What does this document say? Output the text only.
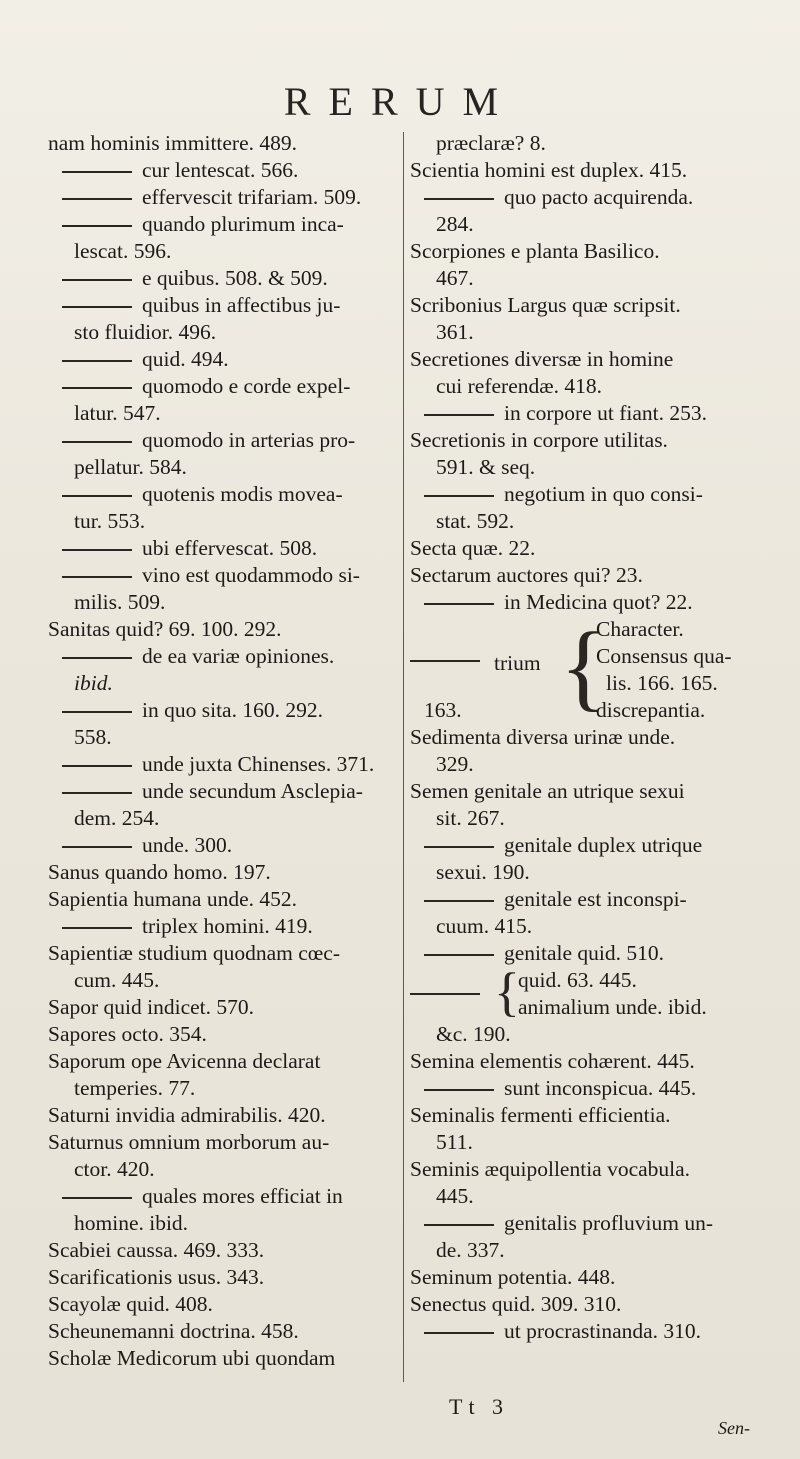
RERUM
nam hominis immittere. 489.
cur lentescat. 566.
effervescit trifariam. 509.
quando plurimum inca-
lescat. 596.
e quibus. 508. & 509.
quibus in affectibus ju-
sto fluidior. 496.
quid. 494.
quomodo e corde expel-
latur. 547.
quomodo in arterias pro-
pellatur. 584.
quotenis modis movea-
tur. 553.
ubi effervescat. 508.
vino est quodammodo si-
milis. 509.
Sanitas quid? 69. 100. 292.
de ea variæ opiniones.
ibid.
in quo sita. 160. 292.
558.
unde juxta Chinenses. 371.
unde secundum Asclepia-
dem. 254.
unde. 300.
Sanus quando homo. 197.
Sapientia humana unde. 452.
triplex homini. 419.
Sapientiæ studium quodnam cœc-
cum. 445.
Sapor quid indicet. 570.
Sapores octo. 354.
Saporum ope Avicenna declarat
temperies. 77.
Saturni invidia admirabilis. 420.
Saturnus omnium morborum au-
ctor. 420.
quales mores efficiat in
homine. ibid.
Scabiei caussa. 469. 333.
Scarificationis usus. 343.
Scayolæ quid. 408.
Scheunemanni doctrina. 458.
Scholæ Medicorum ubi quondam
præclaræ? 8.
Scientia homini est duplex. 415.
quo pacto acquirenda.
284.
Scorpiones e planta Basilico.
467.
Scribonius Largus quæ scripsit.
361.
Secretiones diversæ in homine
cui referendæ. 418.
in corpore ut fiant. 253.
Secretionis in corpore utilitas.
591. & seq.
negotium in quo consi-
stat. 592.
Secta quæ. 22.
Sectarum auctores qui? 23.
in Medicina quot? 22.
trium {
Character.
Consensus qua-
lis. 166. 165.
discrepantia.
163.
Sedimenta diversa urinæ unde.
329.
Semen genitale an utrique sexui
sit. 267.
genitale duplex utrique
sexui. 190.
genitale est inconspi-
cuum. 415.
genitale quid. 510.
{
quid. 63. 445.
animalium unde. ibid.
&c. 190.
Semina elementis cohærent. 445.
sunt inconspicua. 445.
Seminalis fermenti efficientia.
511.
Seminis æquipollentia vocabula.
445.
genitalis profluvium un-
de. 337.
Seminum potentia. 448.
Senectus quid. 309. 310.
ut procrastinanda. 310.
Tt 3
Sen-
